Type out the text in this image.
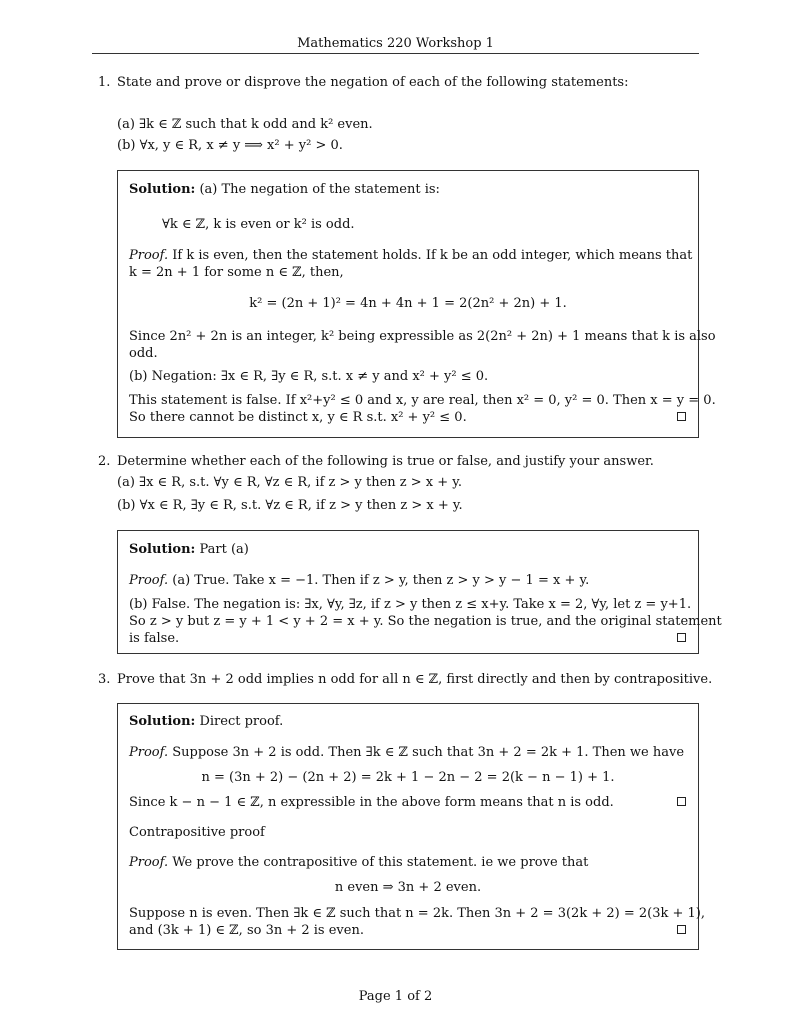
Mathematics 220 Workshop 1
1. State and prove or disprove the negation of each of the following statements:
(a) ∃k ∈ ℤ such that k odd and k² even.
(b) ∀x, y ∈ R, x ≠ y ⟹ x² + y² > 0.
Solution: (a) The negation of the statement is:
∀k ∈ ℤ, k is even or k² is odd.
Proof. If k is even, then the statement holds. If k be an odd integer, which means that
k = 2n + 1 for some n ∈ ℤ, then,
k² = (2n + 1)² = 4n + 4n + 1 = 2(2n² + 2n) + 1.
Since 2n² + 2n is an integer, k² being expressible as 2(2n² + 2n) + 1 means that k is also
odd.
(b) Negation: ∃x ∈ R, ∃y ∈ R, s.t. x ≠ y and x² + y² ≤ 0.
This statement is false. If x²+y² ≤ 0 and x, y are real, then x² = 0, y² = 0. Then x = y = 0.
So there cannot be distinct x, y ∈ R s.t. x² + y² ≤ 0.
2. Determine whether each of the following is true or false, and justify your answer.
(a) ∃x ∈ R, s.t. ∀y ∈ R, ∀z ∈ R, if z > y then z > x + y.
(b) ∀x ∈ R, ∃y ∈ R, s.t. ∀z ∈ R, if z > y then z > x + y.
Solution: Part (a)
Proof. (a) True. Take x = −1. Then if z > y, then z > y > y − 1 = x + y.
(b) False. The negation is: ∃x, ∀y, ∃z, if z > y then z ≤ x+y. Take x = 2, ∀y, let z = y+1.
So z > y but z = y + 1 < y + 2 = x + y. So the negation is true, and the original statement
is false.
3. Prove that 3n + 2 odd implies n odd for all n ∈ ℤ, first directly and then by contrapositive.
Solution: Direct proof.
Proof. Suppose 3n + 2 is odd. Then ∃k ∈ ℤ such that 3n + 2 = 2k + 1. Then we have
n = (3n + 2) − (2n + 2) = 2k + 1 − 2n − 2 = 2(k − n − 1) + 1.
Since k − n − 1 ∈ ℤ, n expressible in the above form means that n is odd.
Contrapositive proof
Proof. We prove the contrapositive of this statement. ie we prove that
n even ⇒ 3n + 2 even.
Suppose n is even. Then ∃k ∈ ℤ such that n = 2k. Then 3n + 2 = 3(2k + 2) = 2(3k + 1),
and (3k + 1) ∈ ℤ, so 3n + 2 is even.
Page 1 of 2
